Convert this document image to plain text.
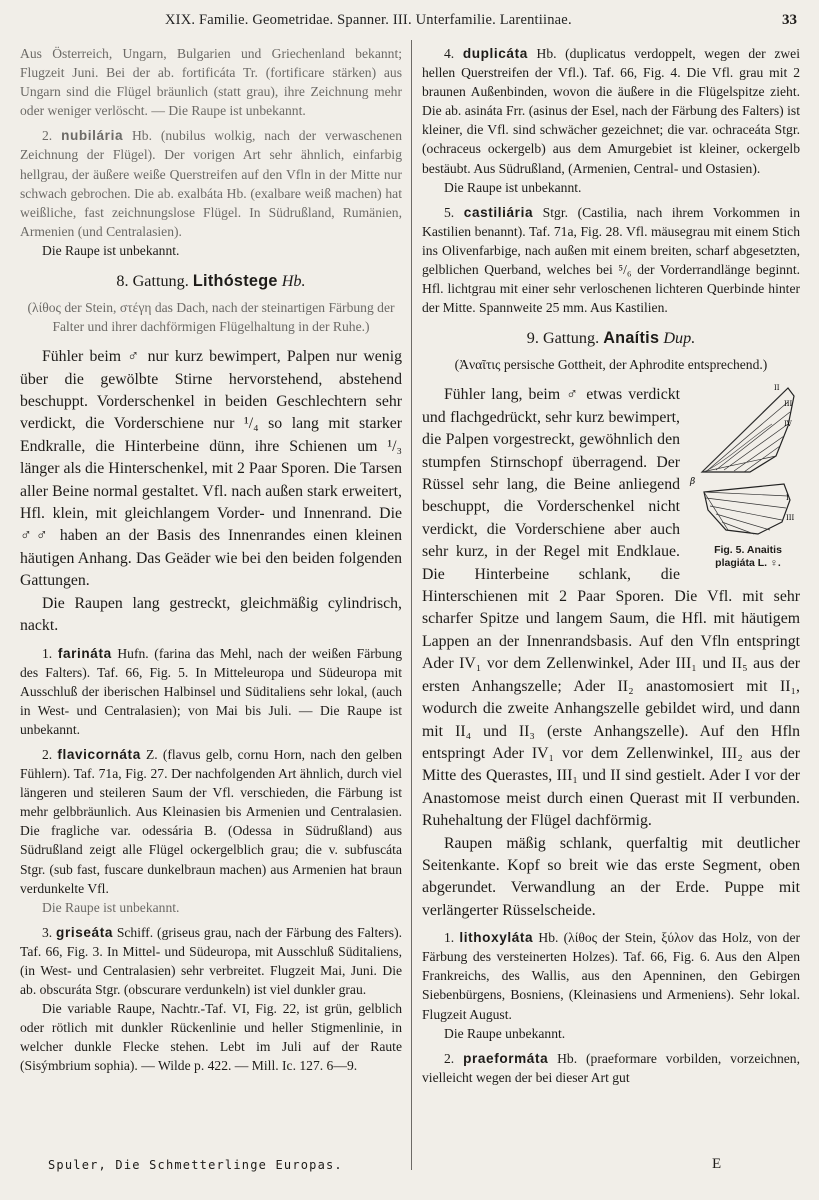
XIX. Familie. Geometridae. Spanner. III. Unterfamilie. Larentiinae.	33

Aus Österreich, Ungarn, Bulgarien und Griechenland bekannt; Flugzeit Juni. Bei der ab. fortificáta Tr. (fortificare stärken) aus Ungarn sind die Flügel bräunlich (statt grau), ihre Zeichnung mehr oder weniger verlöscht. — Die Raupe ist unbekannt.

2. nubilária Hb. (nubilus wolkig, nach der verwaschenen Zeichnung der Flügel). Der vorigen Art sehr ähnlich, einfarbig hellgrau, der äußere weiße Querstreifen auf den Vfln in der Mitte nur schwach gebrochen. Die ab. exalbáta Hb. (exalbare weiß machen) hat weißliche, fast zeichnungslose Flügel. In Südrußland, Rumänien, Armenien (und Centralasien).

Die Raupe ist unbekannt.

8. Gattung. Lithóstege Hb.

(λίθος der Stein, στέγη das Dach, nach der steinartigen Färbung der Falter und ihrer dachförmigen Flügelhaltung in der Ruhe.)

Fühler beim ♂ nur kurz bewimpert, Palpen nur wenig über die gewölbte Stirne hervorstehend, abstehend beschuppt. Vorderschenkel in beiden Geschlechtern sehr verdickt, die Vorderschiene nur ¹/₄ so lang mit starker Endkralle, die Hinterbeine dünn, ihre Schienen um ¹/₃ länger als die Hinterschenkel, mit 2 Paar Sporen. Die Tarsen aller Beine normal gestaltet. Vfl. nach außen stark erweitert, Hfl. klein, mit gleichlangem Vorder- und Innenrand. Die ♂♂ haben an der Basis des Innenrandes einen kleinen häutigen Anhang. Das Geäder wie bei den beiden folgenden Gattungen.

Die Raupen lang gestreckt, gleichmäßig cylindrisch, nackt.

1. farináta Hufn. (farina das Mehl, nach der weißen Färbung des Falters). Taf. 66, Fig. 5. In Mitteleuropa und Südeuropa mit Ausschluß der iberischen Halbinsel und Süditaliens sehr lokal, (auch in West- und Centralasien); von Mai bis Juli. — Die Raupe ist unbekannt.

2. flavicornáta Z. (flavus gelb, cornu Horn, nach den gelben Fühlern). Taf. 71a, Fig. 27. Der nachfolgenden Art ähnlich, durch viel längeren und steileren Saum der Vfl. verschieden, die Färbung ist mehr gelbbräunlich. Aus Kleinasien bis Armenien und Centralasien. Die fragliche var. odessária B. (Odessa in Südrußland) aus Südrußland zeigt alle Flügel ockergelblich grau; die v. subfuscáta Stgr. (sub fast, fuscare dunkelbraun machen) aus Armenien hat braun verdunkelte Vfl.

Die Raupe ist unbekannt.

3. griseáta Schiff. (griseus grau, nach der Färbung des Falters). Taf. 66, Fig. 3. In Mittel- und Südeuropa, mit Ausschluß Süditaliens, (in West- und Centralasien) sehr verbreitet. Flugzeit Mai, Juni. Die ab. obscuráta Stgr. (obscurare verdunkeln) ist viel dunkler grau.

Die variable Raupe, Nachtr.-Taf. VI, Fig. 22, ist grün, gelblich oder rötlich mit dunkler Rückenlinie und heller Stigmenlinie, in welcher dunkle Flecke stehen. Lebt im Juli auf der Raute (Sisýmbrium sophia). — Wilde p. 422. — Mill. Ic. 127. 6—9.

4. duplicáta Hb. (duplicatus verdoppelt, wegen der zwei hellen Querstreifen der Vfl.). Taf. 66, Fig. 4. Die Vfl. grau mit 2 braunen Außenbinden, wovon die äußere in die Flügelspitze zieht. Die ab. asináta Frr. (asinus der Esel, nach der Färbung des Falters) ist kleiner, die Vfl. sind schwächer gezeichnet; die var. ochraceáta Stgr. (ochraceus ockergelb) aus dem Amurgebiet ist kleiner, ockergelb bestäubt. Aus Südrußland, (Armenien, Central- und Ostasien).

Die Raupe ist unbekannt.

5. castiliária Stgr. (Castilia, nach ihrem Vorkommen in Kastilien benannt). Taf. 71a, Fig. 28. Vfl. mäusegrau mit einem Stich ins Olivenfarbige, nach außen mit einem breiten, scharf abgesetzten, gelblichen Querband, welches bei ⁵/₆ der Vorderrandlänge beginnt. Hfl. lichtgrau mit einer sehr verloschenen lichteren Querbinde hinter der Mitte. Spannweite 25 mm. Aus Kastilien.

9. Gattung. Anaítis Dup.

(Ἀναῖτις persische Gottheit, der Aphrodite entsprechend.)

II
III
IV
β
I
III
Fig. 5. Anaitis
plagiáta L. ♀.

Fühler lang, beim ♂ etwas verdickt und flachgedrückt, sehr kurz bewimpert, die Palpen vorgestreckt, gewöhnlich den stumpfen Stirnschopf überragend. Der Rüssel sehr lang, die Beine anliegend beschuppt, die Vorderschenkel nicht verdickt, die Vorderschiene aber auch sehr kurz, in der Regel mit Endklaue. Die Hinterbeine schlank, die Hinterschienen mit 2 Paar Sporen. Die Vfl. mit sehr scharfer Spitze und langem Saum, die Hfl. mit häutigem Lappen an der Innenrandsbasis. Auf den Vfln entspringt Ader IV₁ vor dem Zellenwinkel, Ader III₁ und II₅ aus der ersten Anhangszelle; Ader II₂ anastomosiert mit II₁, wodurch die zweite Anhangszelle gebildet wird, und dann mit II₄ und II₃ (erste Anhangszelle). Auf den Hfln entspringt Ader IV₁ vor dem Zellenwinkel, III₂ aus der Mitte des Querastes, III₁ und II sind gestielt. Ader I vor der Anastomose meist durch einen Querast mit II verbunden. Ruhehaltung der Flügel dachförmig.

Raupen mäßig schlank, querfaltig mit deutlicher Seitenkante. Kopf so breit wie das erste Segment, oben abgerundet. Verwandlung an der Erde. Puppe mit verlängerter Rüsselscheide.

1. lithoxyláta Hb. (λίθος der Stein, ξύλον das Holz, von der Färbung des versteinerten Holzes). Taf. 66, Fig. 6. Aus den Alpen Frankreichs, des Wallis, aus den Apenninen, den Gebirgen Siebenbürgens, Bosniens, (Kleinasiens und Armeniens). Sehr lokal. Flugzeit August.

Die Raupe unbekannt.

2. praeformáta Hb. (praeformare vorbilden, vorzeichnen, vielleicht wegen der bei dieser Art gut

Spuler, Die Schmetterlinge Europas.	E
